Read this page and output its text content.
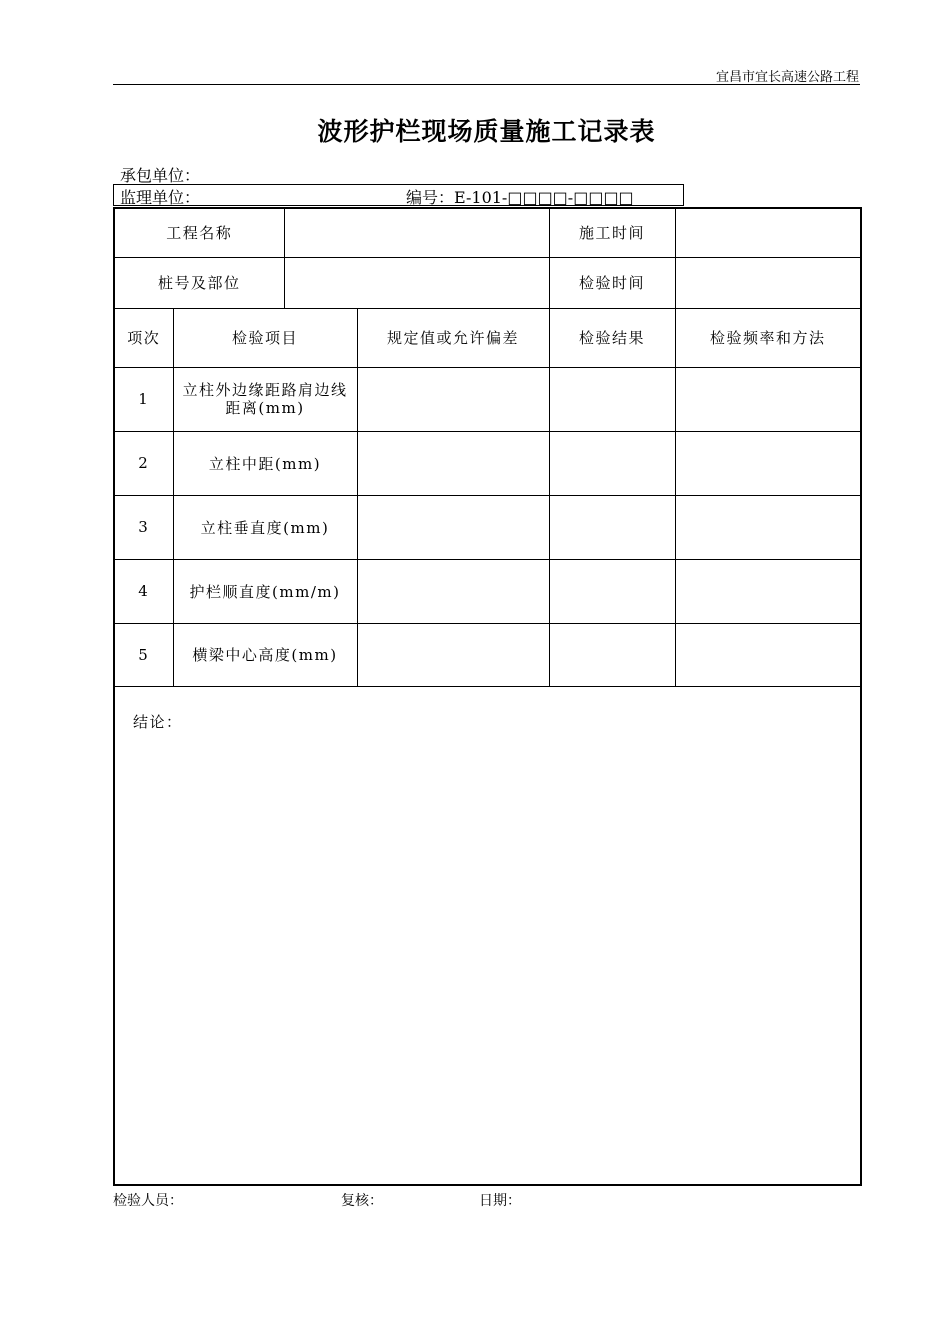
宜昌市宜长高速公路工程
波形护栏现场质量施工记录表
承包单位：
监理单位：	编号：E-101-□□□□-□□□□
工程名称				施工时间	
桩号及部位				检验时间	
项次	检验项目		规定值或允许偏差	检验结果	检验频率和方法
1	立柱外边缘距路肩边线距离(mm)				
2	立柱中距(mm)				
3	立柱垂直度(mm)				
4	护栏顺直度(mm/m)				
5	横梁中心高度(mm)				
结论：					
检验人员：	复核：	日期：
